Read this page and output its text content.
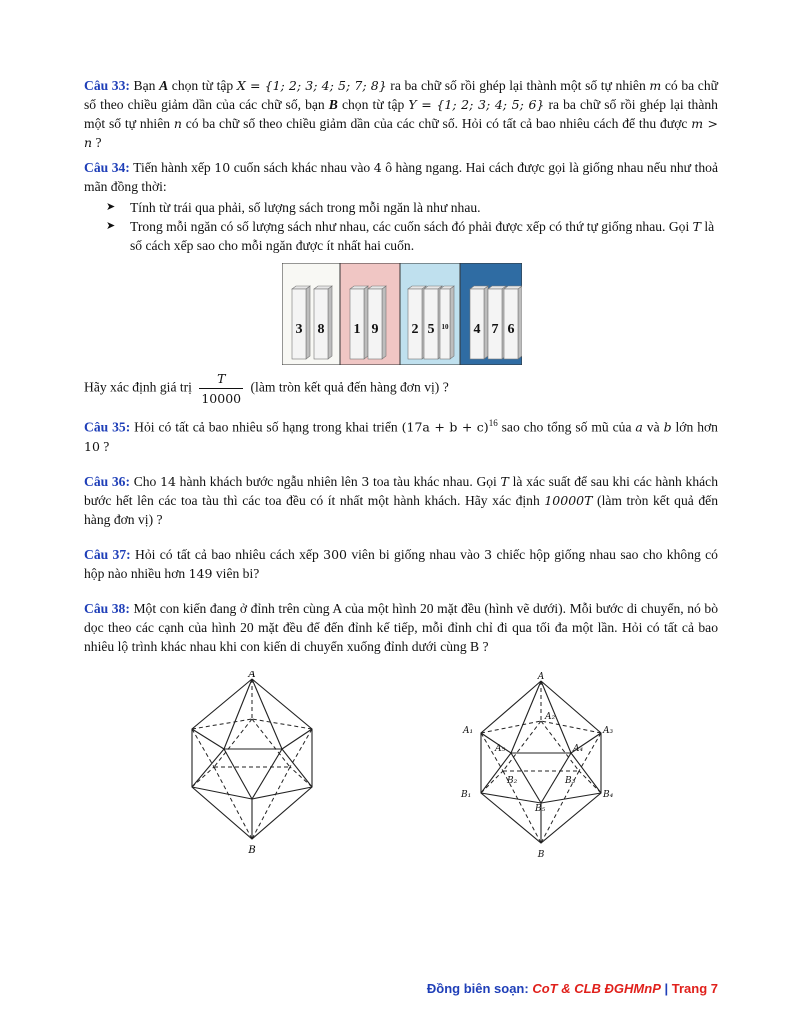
Câu 33: Bạn A chọn từ tập X = {1; 2; 3; 4; 5; 7; 8} ra ba chữ số rồi ghép lại thành một số tự nhiên m có ba chữ số theo chiều giảm dần của các chữ số, bạn B chọn từ tập Y = {1; 2; 3; 4; 5; 6} ra ba chữ số rồi ghép lại thành một số tự nhiên n có ba chữ số theo chiều giảm dần của các chữ số. Hỏi có tất cả bao nhiêu cách để thu được m > n ?

Câu 34: Tiến hành xếp 10 cuốn sách khác nhau vào 4 ô hàng ngang. Hai cách được gọi là giống nhau nếu như thoả mãn đồng thời:

➤ Tính từ trái qua phải, số lượng sách trong mỗi ngăn là như nhau.
➤ Trong mỗi ngăn có số lượng sách như nhau, các cuốn sách đó phải được xếp có thứ tự giống nhau. Gọi T là số cách xếp sao cho mỗi ngăn được ít nhất hai cuốn.
3 8 1 9 2 5 10 4 7 6

Hãy xác định giá trị $\frac{T}{10000}$ (làm tròn kết quả đến hàng đơn vị) ?

Câu 35: Hỏi có tất cả bao nhiêu số hạng trong khai triển $(17a + b + c)^{16}$ sao cho tổng số mũ của a và b lớn hơn 10 ?

Câu 36: Cho 14 hành khách bước ngẫu nhiên lên 3 toa tàu khác nhau. Gọi T là xác suất để sau khi các hành khách bước hết lên các toa tàu thì các toa đều có ít nhất một hành khách. Hãy xác định 10000T (làm tròn kết quả đến hàng đơn vị) ?

Câu 37: Hỏi có tất cả bao nhiêu cách xếp 300 viên bi giống nhau vào 3 chiếc hộp giống nhau sao cho không có hộp nào nhiều hơn 149 viên bi?

Câu 38: Một con kiến đang ở đỉnh trên cùng A của một hình 20 mặt đều (hình vẽ dưới). Mỗi bước di chuyển, nó bò dọc theo các cạnh của hình 20 mặt đều để đến đỉnh kế tiếp, mỗi đỉnh chỉ đi qua tối đa một lần. Hỏi có tất cả bao nhiêu lộ trình khác nhau khi con kiến di chuyển xuống đỉnh dưới cùng B ?

A
B
A
B
A₁
A₂
A₃
A₄
A₅
B₁
B₂	B₃
B₄
B₅
Đồng biên soạn: CoT & CLB ĐGHMnP | Trang 7
